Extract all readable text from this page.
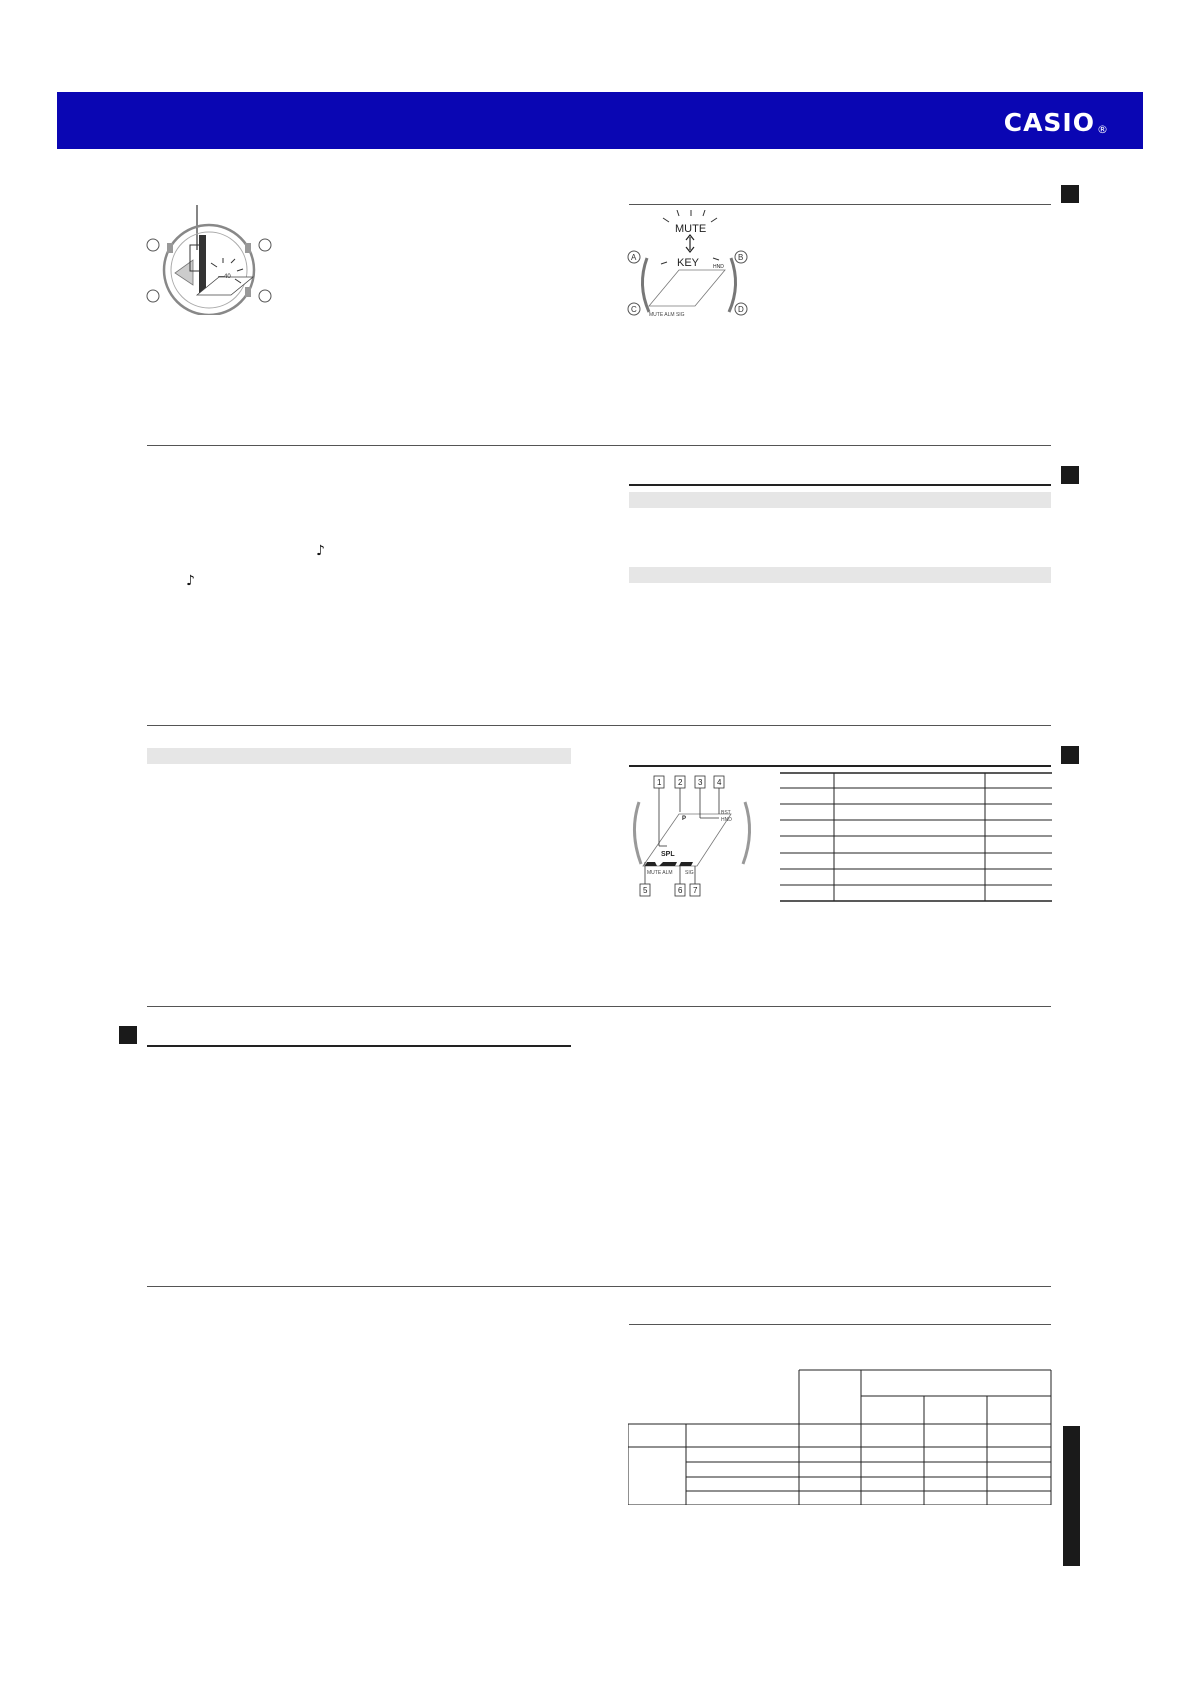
CASIO ®
♪
♪
—40
A	B
C	D
MUTE
KEY	HND
MUTE ALM SIG
1 2 3 4
5	6 7
P
SPL
BST
HND
MUTE ALM SIG
